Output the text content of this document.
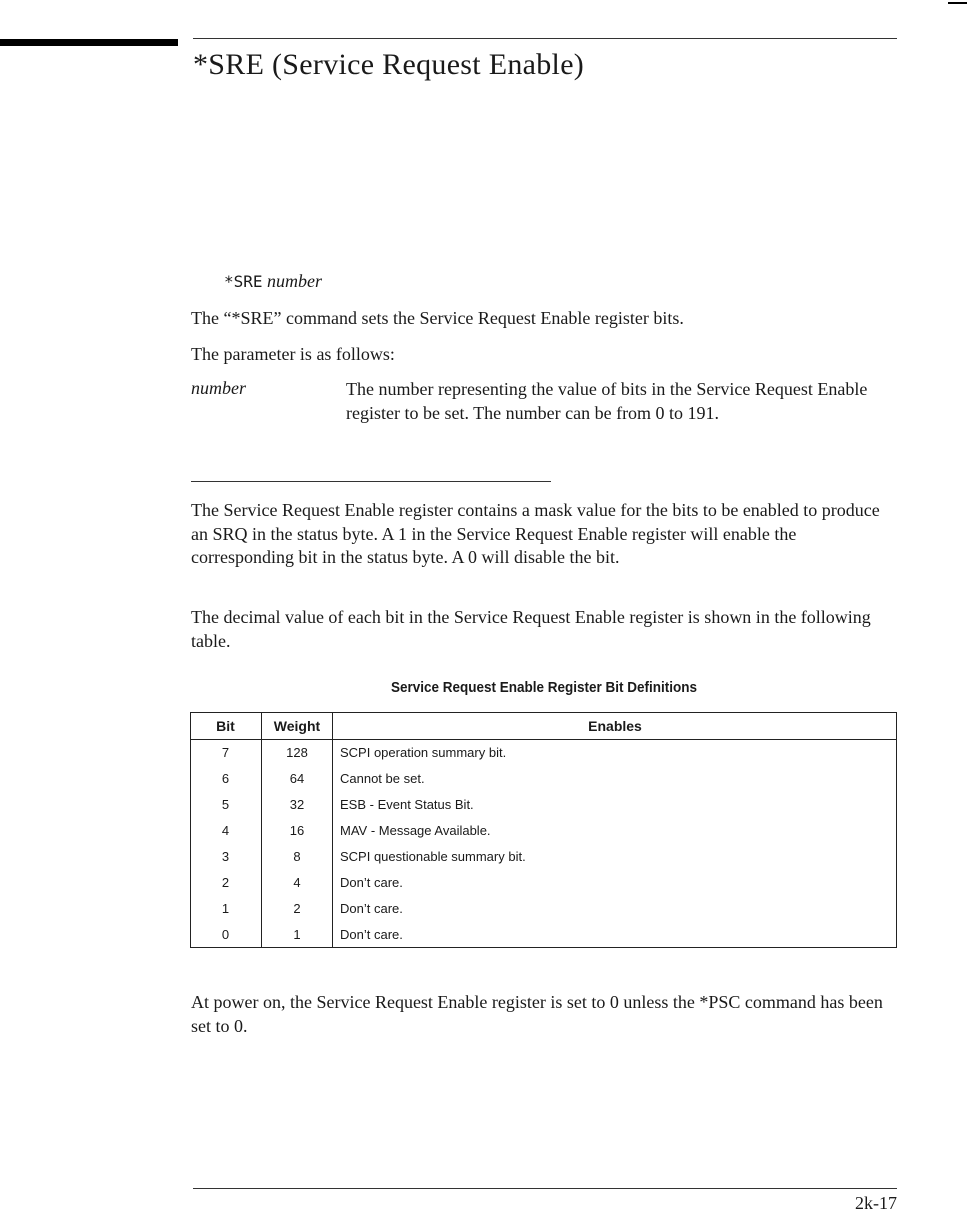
*SRE (Service Request Enable)
*SRE number
The “*SRE” command sets the Service Request Enable register bits.
The parameter is as follows:
number	The number representing the value of bits in the Service Request Enable register to be set. The number can be from 0 to 191.
The Service Request Enable register contains a mask value for the bits to be enabled to produce an SRQ in the status byte. A 1 in the Service Request Enable register will enable the corresponding bit in the status byte. A 0 will disable the bit.
The decimal value of each bit in the Service Request Enable register is shown in the following table.
Service Request Enable Register Bit Definitions
Bit	Weight	Enables
7	128	SCPI operation summary bit.
6	64	Cannot be set.
5	32	ESB - Event Status Bit.
4	16	MAV - Message Available.
3	8	SCPI questionable summary bit.
2	4	Don’t care.
1	2	Don’t care.
0	1	Don’t care.
At power on, the Service Request Enable register is set to 0 unless the *PSC command has been set to 0.
2k-17
